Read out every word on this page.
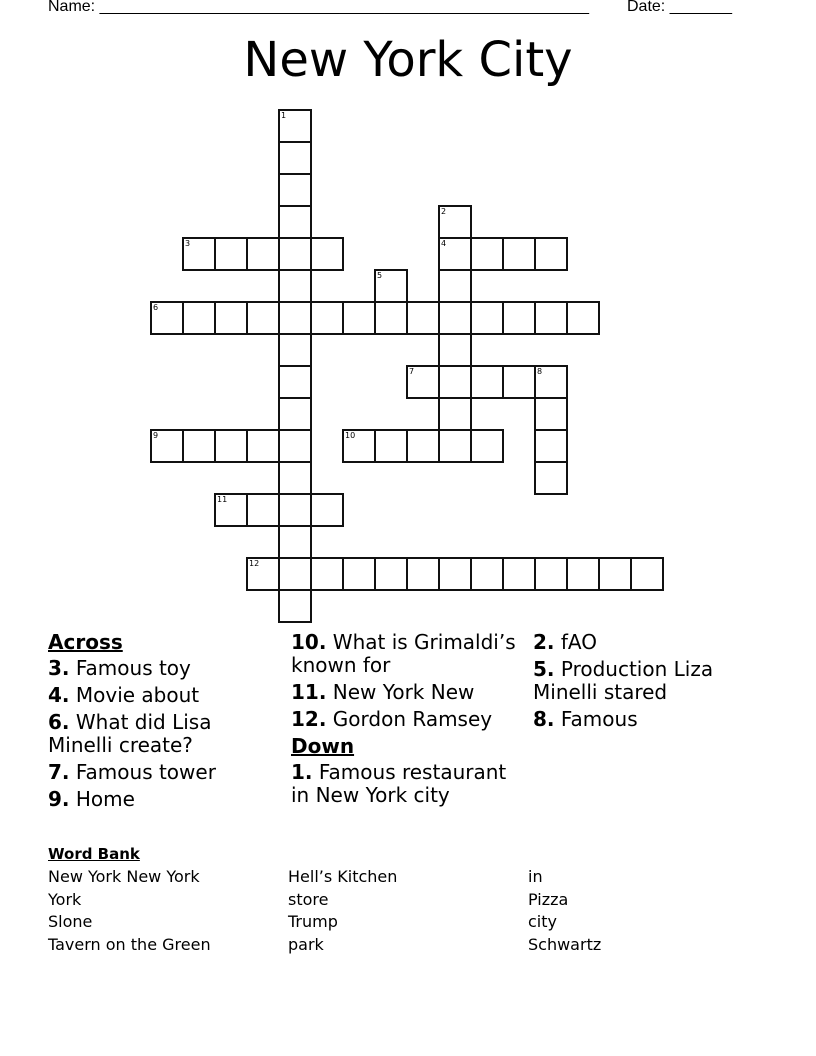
Name: _______________________________________________________ Date: _______
New York City
1
2
4
3
5
6
7	8
9	10
11
12
Across
3. Famous toy
4. Movie about
6. What did Lisa Minelli create?
7. Famous tower
9. Home
10. What is Grimaldi’s known for
11. New York New
12. Gordon Ramsey
Down
1. Famous restaurant in New York city
2. fAO
5. Production Liza Minelli stared
8. Famous
Word Bank
New York New York
York
Slone
Tavern on the Green
Hell’s Kitchen
store
Trump
park
in
Pizza
city
Schwartz
